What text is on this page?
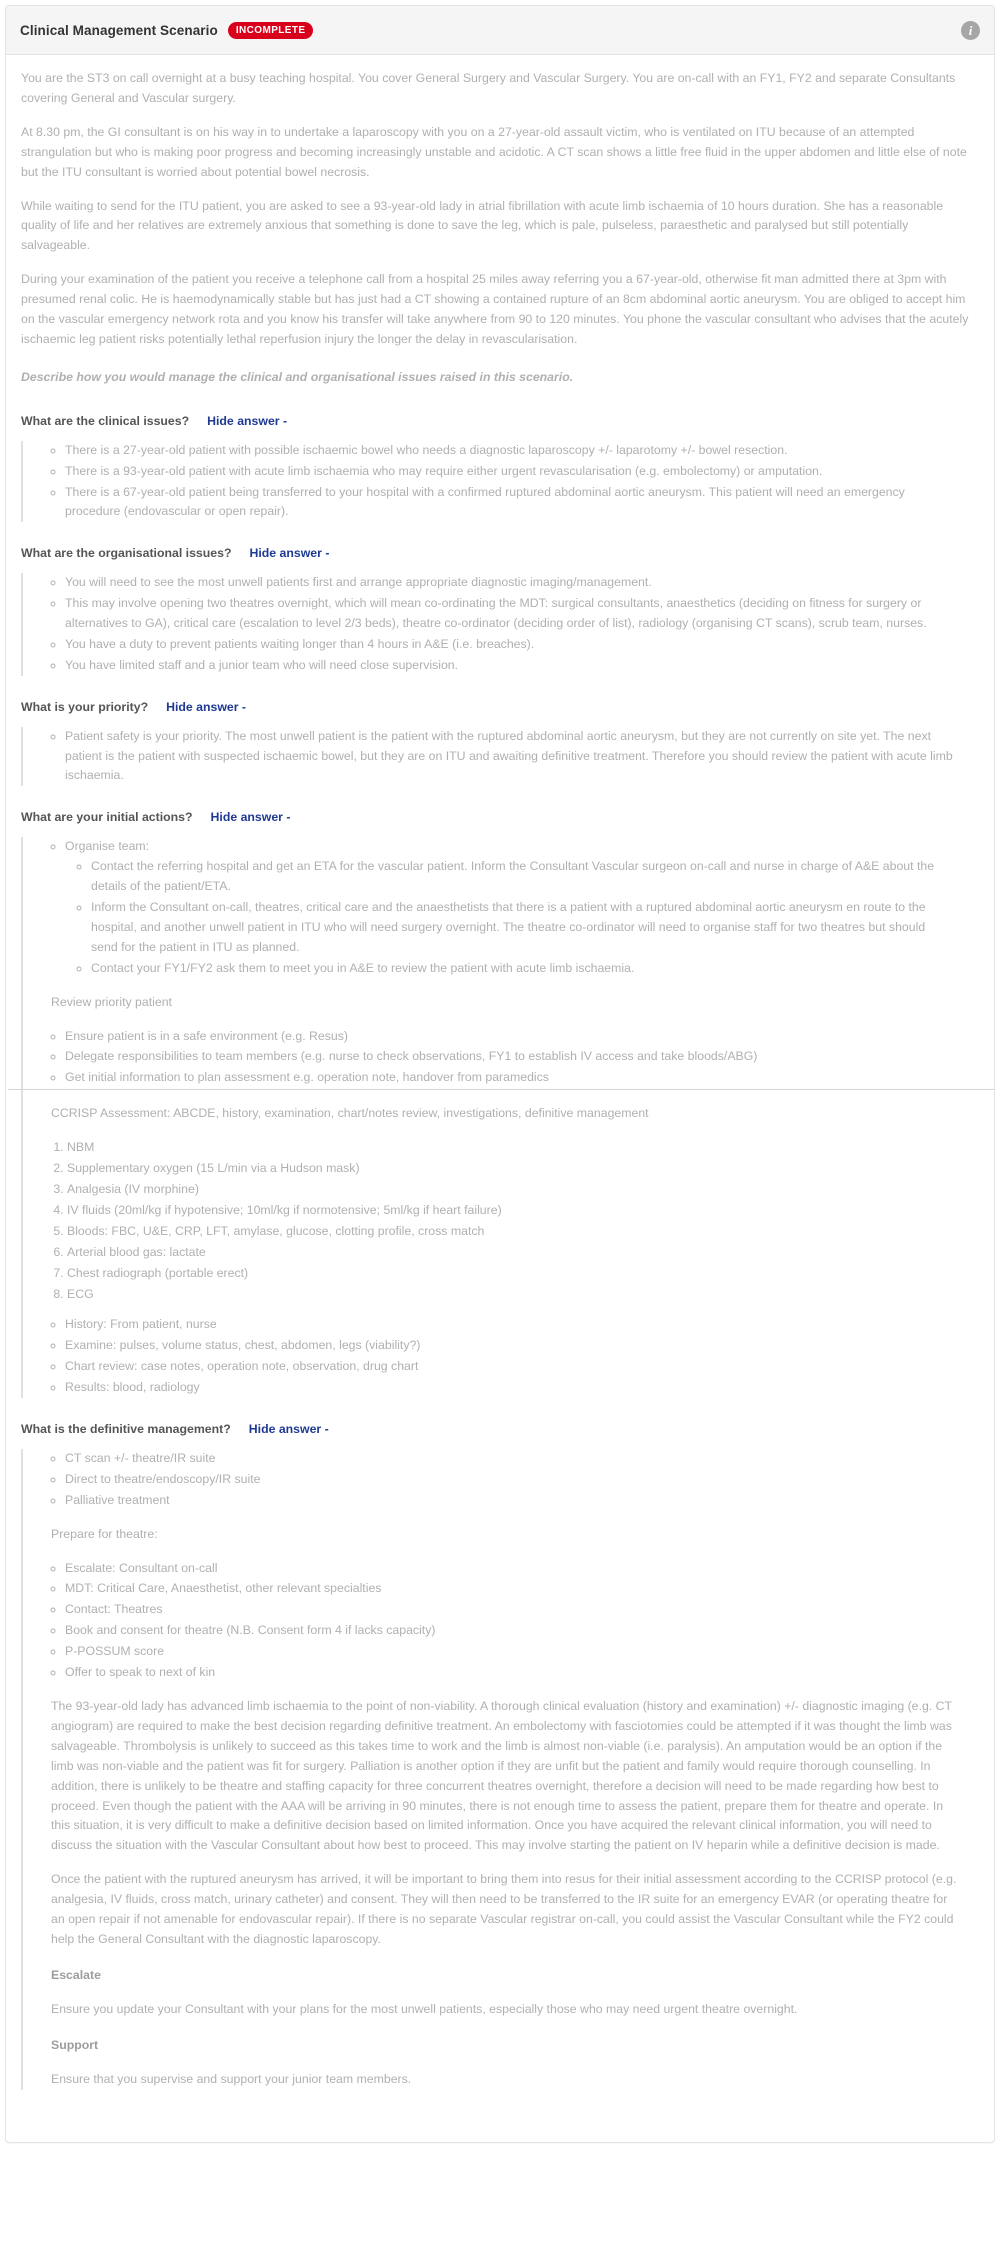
Clinical Management Scenario	INCOMPLETE	i

You are the ST3 on call overnight at a busy teaching hospital. You cover General Surgery and Vascular Surgery. You are on-call with an FY1, FY2 and separate Consultants covering General and Vascular surgery.

At 8.30 pm, the GI consultant is on his way in to undertake a laparoscopy with you on a 27-year-old assault victim, who is ventilated on ITU because of an attempted strangulation but who is making poor progress and becoming increasingly unstable and acidotic. A CT scan shows a little free fluid in the upper abdomen and little else of note but the ITU consultant is worried about potential bowel necrosis.

While waiting to send for the ITU patient, you are asked to see a 93-year-old lady in atrial fibrillation with acute limb ischaemia of 10 hours duration. She has a reasonable quality of life and her relatives are extremely anxious that something is done to save the leg, which is pale, pulseless, paraesthetic and paralysed but still potentially salvageable.

During your examination of the patient you receive a telephone call from a hospital 25 miles away referring you a 67-year-old, otherwise fit man admitted there at 3pm with presumed renal colic. He is haemodynamically stable but has just had a CT showing a contained rupture of an 8cm abdominal aortic aneurysm. You are obliged to accept him on the vascular emergency network rota and you know his transfer will take anywhere from 90 to 120 minutes. You phone the vascular consultant who advises that the acutely ischaemic leg patient risks potentially lethal reperfusion injury the longer the delay in revascularisation.

Describe how you would manage the clinical and organisational issues raised in this scenario.

What are the clinical issues? Hide answer -
◦ There is a 27-year-old patient with possible ischaemic bowel who needs a diagnostic laparoscopy +/- laparotomy +/- bowel resection.
◦ There is a 93-year-old patient with acute limb ischaemia who may require either urgent revascularisation (e.g. embolectomy) or amputation.
◦ There is a 67-year-old patient being transferred to your hospital with a confirmed ruptured abdominal aortic aneurysm. This patient will need an emergency procedure (endovascular or open repair).
What are the organisational issues? Hide answer -
◦ You will need to see the most unwell patients first and arrange appropriate diagnostic imaging/management.
◦ This may involve opening two theatres overnight, which will mean co-ordinating the MDT: surgical consultants, anaesthetics (deciding on fitness for surgery or alternatives to GA), critical care (escalation to level 2/3 beds), theatre co-ordinator (deciding order of list), radiology (organising CT scans), scrub team, nurses.
◦ You have a duty to prevent patients waiting longer than 4 hours in A&E (i.e. breaches).
◦ You have limited staff and a junior team who will need close supervision.
What is your priority? Hide answer -
◦ Patient safety is your priority. The most unwell patient is the patient with the ruptured abdominal aortic aneurysm, but they are not currently on site yet. The next patient is the patient with suspected ischaemic bowel, but they are on ITU and awaiting definitive treatment. Therefore you should review the patient with acute limb ischaemia.
What are your initial actions? Hide answer -
◦ Organise team:
◦ Contact the referring hospital and get an ETA for the vascular patient. Inform the Consultant Vascular surgeon on-call and nurse in charge of A&E about the details of the patient/ETA.
◦ Inform the Consultant on-call, theatres, critical care and the anaesthetists that there is a patient with a ruptured abdominal aortic aneurysm en route to the hospital, and another unwell patient in ITU who will need surgery overnight. The theatre co-ordinator will need to organise staff for two theatres but should send for the patient in ITU as planned.
◦ Contact your FY1/FY2 ask them to meet you in A&E to review the patient with acute limb ischaemia.

Review priority patient

◦ Ensure patient is in a safe environment (e.g. Resus)
◦ Delegate responsibilities to team members (e.g. nurse to check observations, FY1 to establish IV access and take bloods/ABG)
◦ Get initial information to plan assessment e.g. operation note, handover from paramedics

CCRISP Assessment: ABCDE, history, examination, chart/notes review, investigations, definitive management

1. NBM
2. Supplementary oxygen (15 L/min via a Hudson mask)
3. Analgesia (IV morphine)
4. IV fluids (20ml/kg if hypotensive; 10ml/kg if normotensive; 5ml/kg if heart failure)
5. Bloods: FBC, U&E, CRP, LFT, amylase, glucose, clotting profile, cross match
6. Arterial blood gas: lactate
7. Chest radiograph (portable erect)
8. ECG
◦ History: From patient, nurse
◦ Examine: pulses, volume status, chest, abdomen, legs (viability?)
◦ Chart review: case notes, operation note, observation, drug chart
◦ Results: blood, radiology
What is the definitive management? Hide answer -
◦ CT scan +/- theatre/IR suite
◦ Direct to theatre/endoscopy/IR suite
◦ Palliative treatment

Prepare for theatre:

◦ Escalate: Consultant on-call
◦ MDT: Critical Care, Anaesthetist, other relevant specialties
◦ Contact: Theatres
◦ Book and consent for theatre (N.B. Consent form 4 if lacks capacity)
◦ P-POSSUM score
◦ Offer to speak to next of kin

The 93-year-old lady has advanced limb ischaemia to the point of non-viability. A thorough clinical evaluation (history and examination) +/- diagnostic imaging (e.g. CT angiogram) are required to make the best decision regarding definitive treatment. An embolectomy with fasciotomies could be attempted if it was thought the limb was salvageable. Thrombolysis is unlikely to succeed as this takes time to work and the limb is almost non-viable (i.e. paralysis). An amputation would be an option if the limb was non-viable and the patient was fit for surgery. Palliation is another option if they are unfit but the patient and family would require thorough counselling. In addition, there is unlikely to be theatre and staffing capacity for three concurrent theatres overnight, therefore a decision will need to be made regarding how best to proceed. Even though the patient with the AAA will be arriving in 90 minutes, there is not enough time to assess the patient, prepare them for theatre and operate. In this situation, it is very difficult to make a definitive decision based on limited information. Once you have acquired the relevant clinical information, you will need to discuss the situation with the Vascular Consultant about how best to proceed. This may involve starting the patient on IV heparin while a definitive decision is made.

Once the patient with the ruptured aneurysm has arrived, it will be important to bring them into resus for their initial assessment according to the CCRISP protocol (e.g. analgesia, IV fluids, cross match, urinary catheter) and consent. They will then need to be transferred to the IR suite for an emergency EVAR (or operating theatre for an open repair if not amenable for endovascular repair). If there is no separate Vascular registrar on-call, you could assist the Vascular Consultant while the FY2 could help the General Consultant with the diagnostic laparoscopy.

Escalate

Ensure you update your Consultant with your plans for the most unwell patients, especially those who may need urgent theatre overnight.

Support

Ensure that you supervise and support your junior team members.
